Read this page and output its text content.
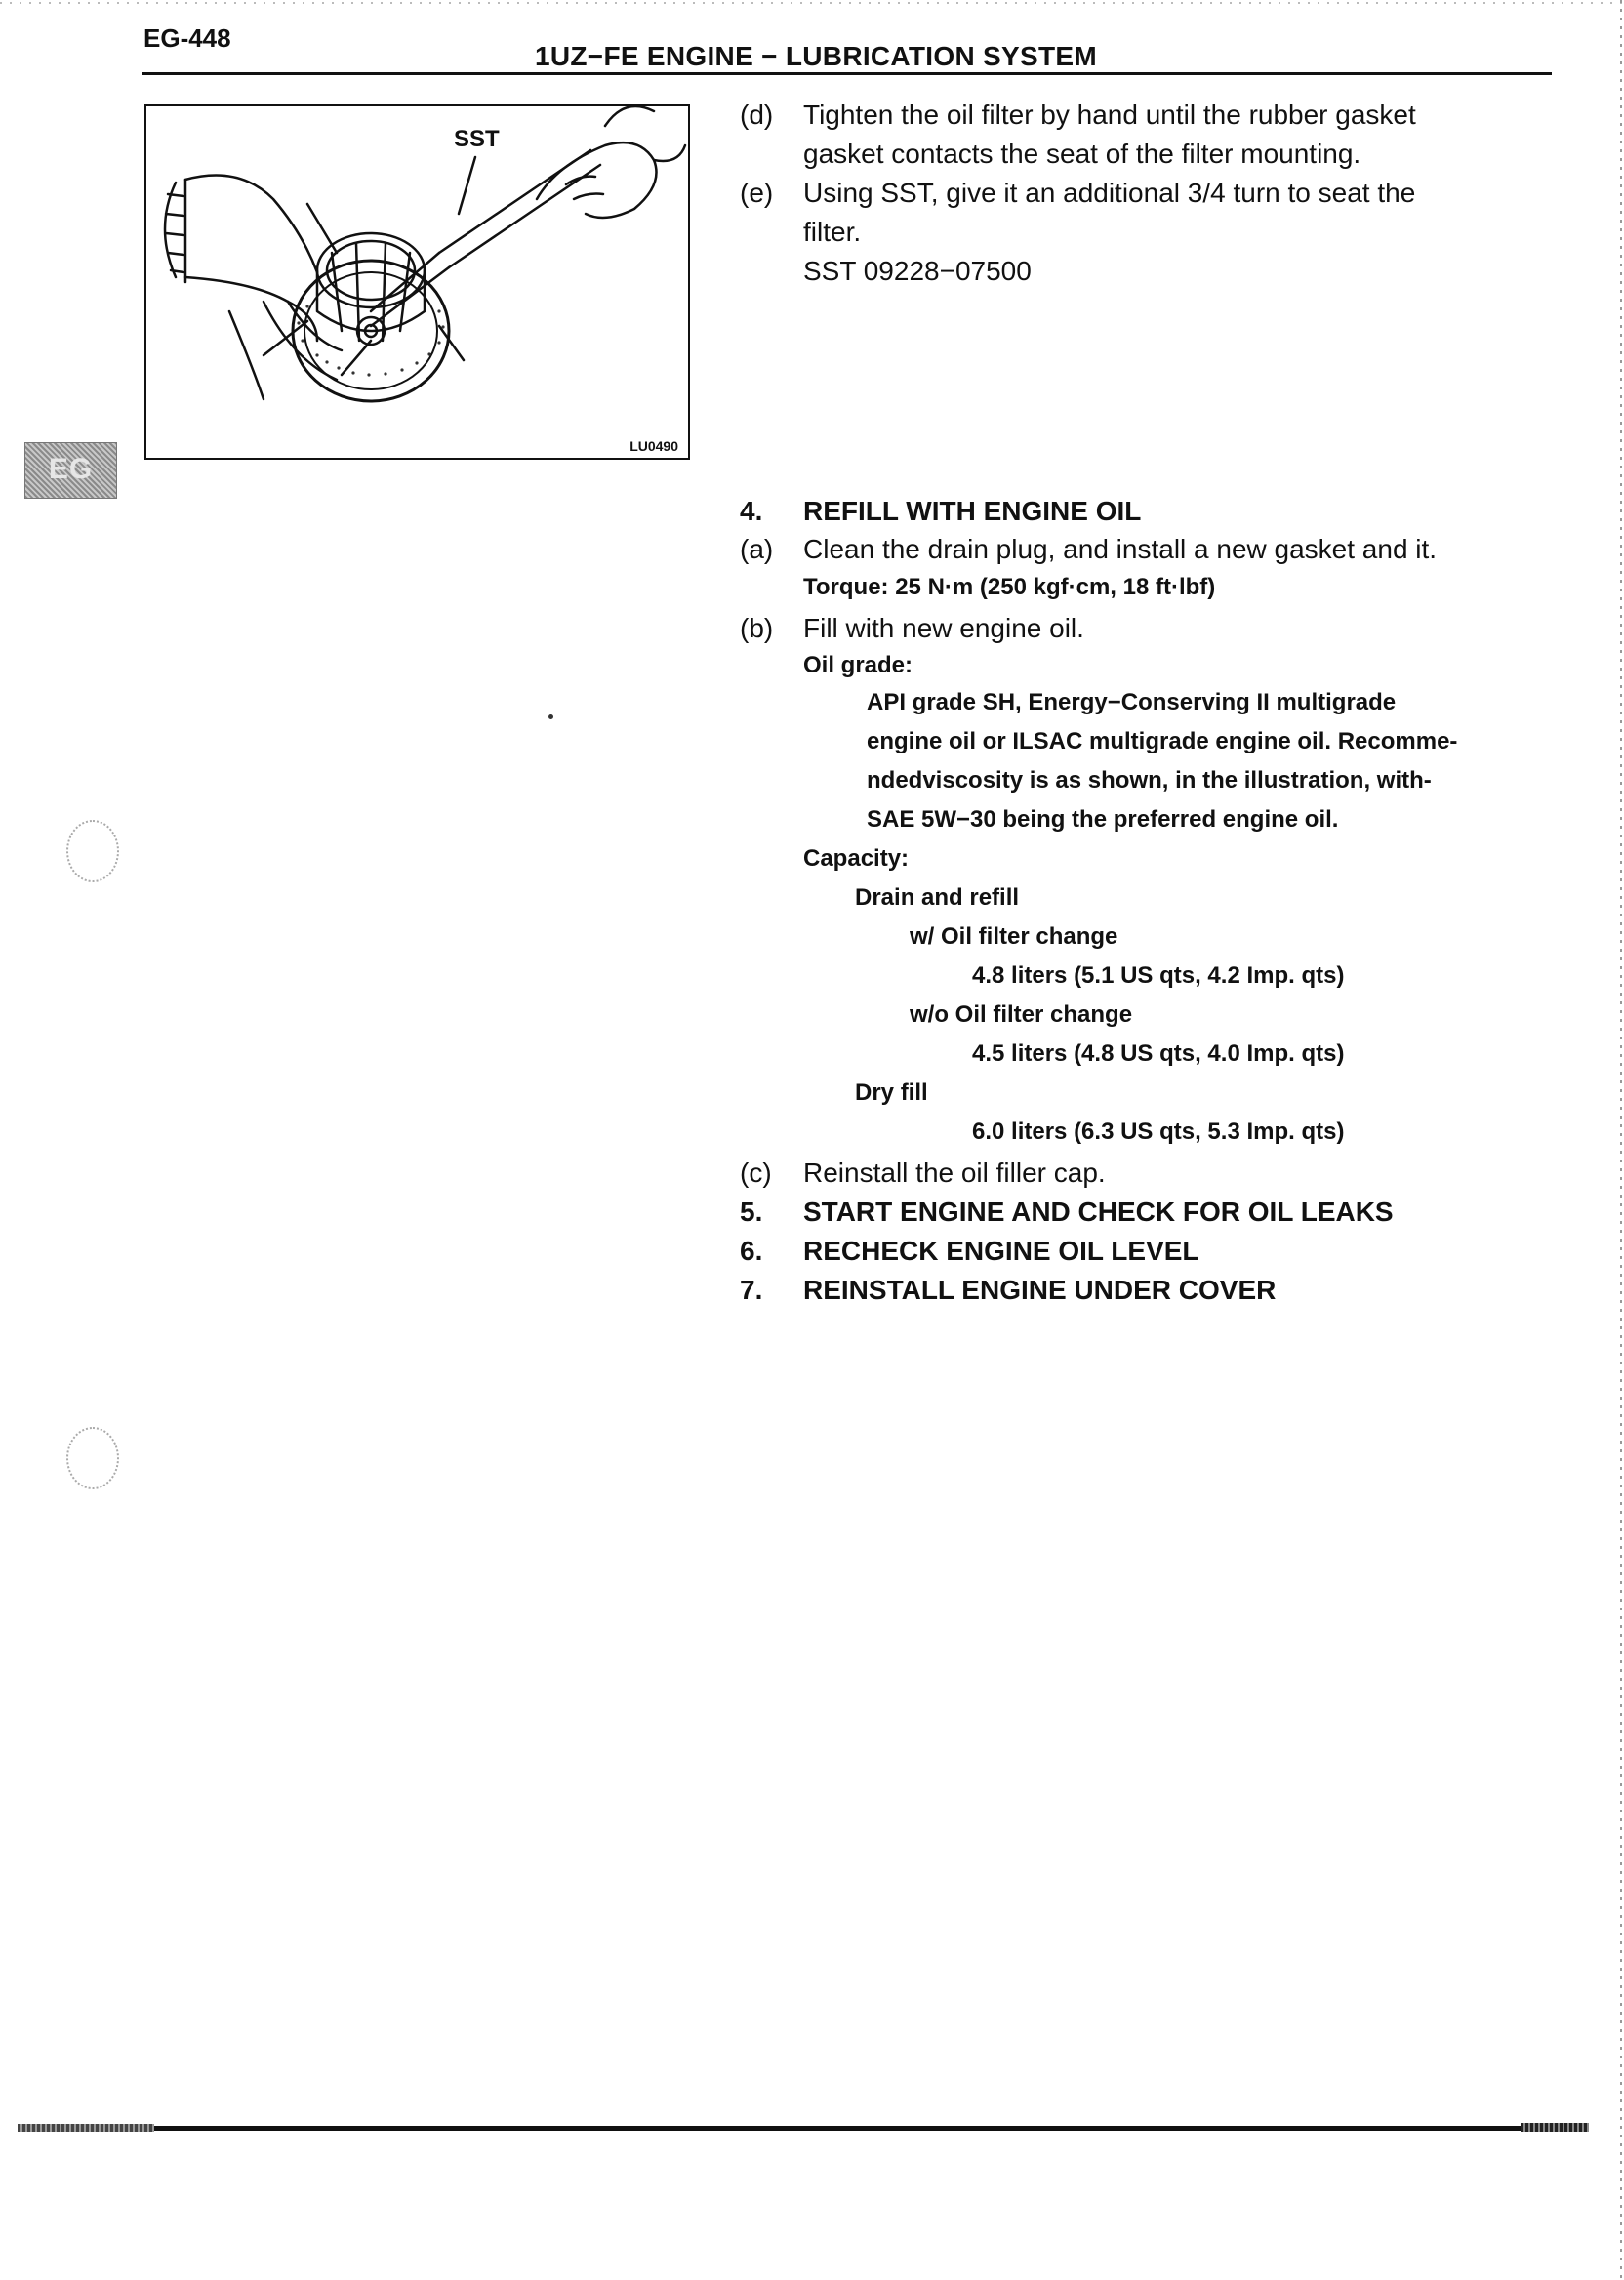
EG-448
1UZ−FE ENGINE − LUBRICATION SYSTEM
SST
LU0490
EG
(d) Tighten the oil filter by hand until the rubber gasket
gasket contacts the seat of the filter mounting.
(e) Using SST, give it an additional 3/4 turn to seat the
filter.
SST 09228−07500
4. REFILL WITH ENGINE OIL
(a) Clean the drain plug, and install a new gasket and it.
Torque: 25 N·m (250 kgf·cm, 18 ft·lbf)
(b) Fill with new engine oil.
Oil grade:
API grade SH, Energy−Conserving II multigrade
engine oil or ILSAC multigrade engine oil. Recomme-
ndedviscosity is as shown, in the illustration, with-
SAE 5W−30 being the preferred engine oil.
Capacity:
Drain and refill
w/ Oil filter change
4.8 liters (5.1 US qts, 4.2 Imp. qts)
w/o Oil filter change
4.5 liters (4.8 US qts, 4.0 Imp. qts)
Dry fill
6.0 liters (6.3 US qts, 5.3 Imp. qts)
(c) Reinstall the oil filler cap.
5. START ENGINE AND CHECK FOR OIL LEAKS
6. RECHECK ENGINE OIL LEVEL
7. REINSTALL ENGINE UNDER COVER
